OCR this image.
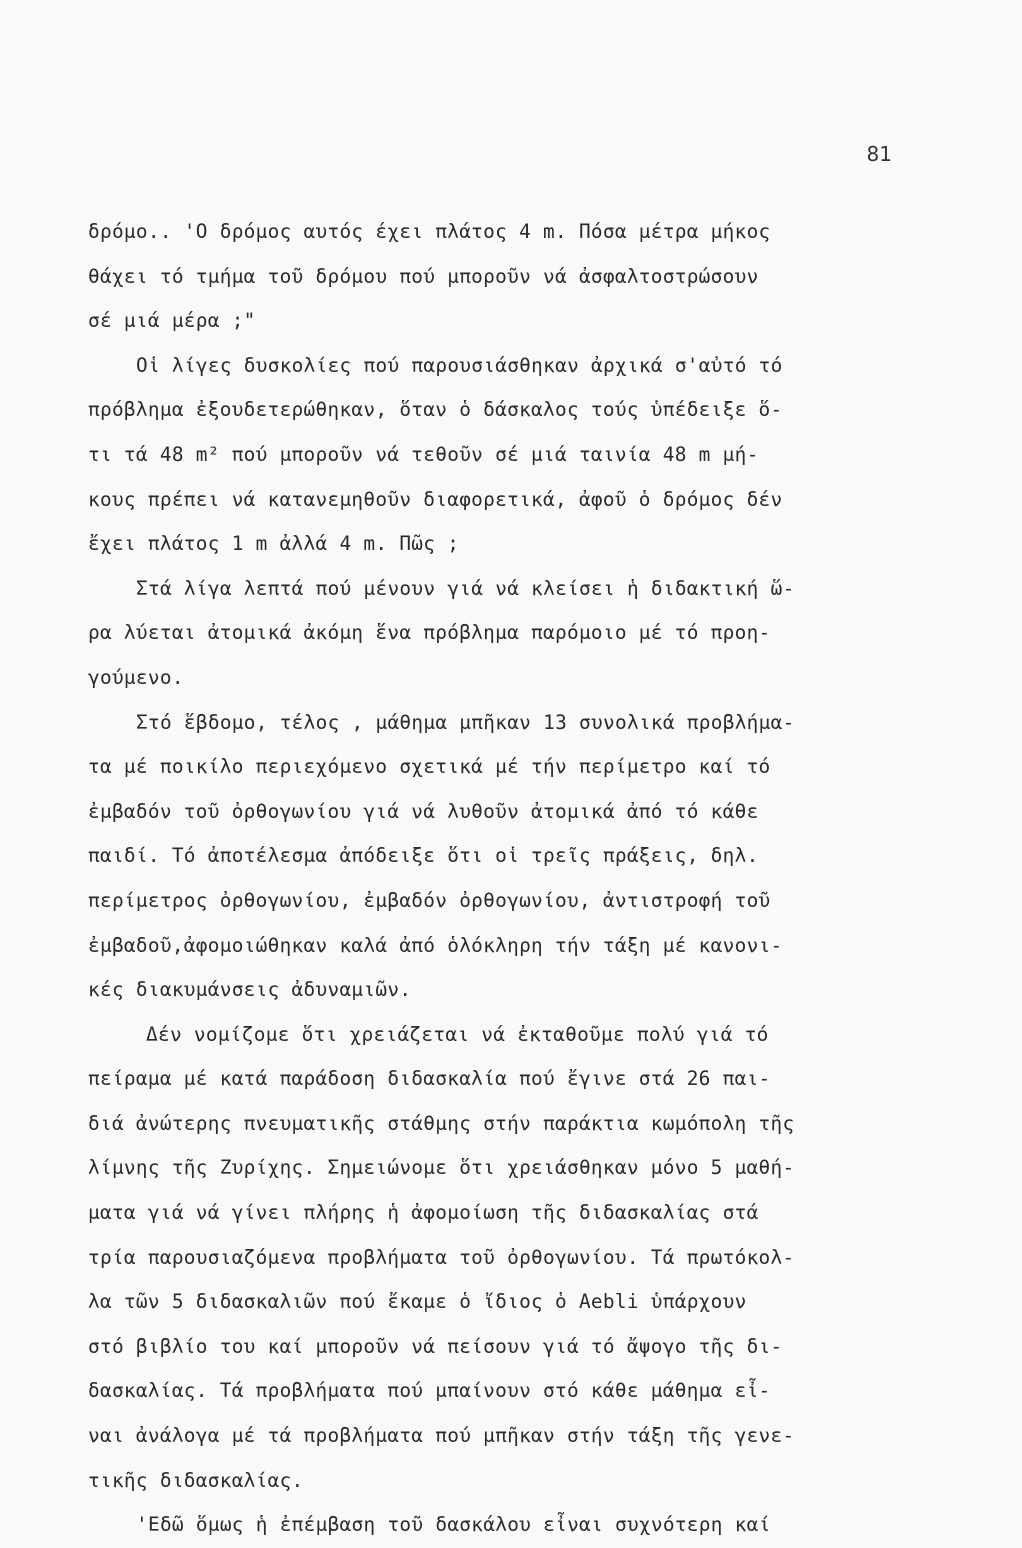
81
δρόμο.. 'Ο δρόμος αυτός έχει πλάτος 4 m. Πόσα μέτρα μήκος
θάχει τό τμήμα τοῦ δρόμου πού μποροῦν νά ἀσφαλτοστρώσουν
σέ μιά μέρα ;"
Οἱ λίγες δυσκολίες πού παρουσιάσθηκαν ἀρχικά σ'αὐτό τό
πρόβλημα ἐξουδετερώθηκαν, ὅταν ὁ δάσκαλος τούς ὑπέδειξε ὅ-
τι τά 48 m² πού μποροῦν νά τεθοῦν σέ μιά ταινία 48 m μή-
κους πρέπει νά κατανεμηθοῦν διαφορετικά, ἀφοῦ ὁ δρόμος δέν
ἔχει πλάτος 1 m ἀλλά 4 m. Πῶς ;
Στά λίγα λεπτά πού μένουν γιά νά κλείσει ἡ διδακτική ὥ-
ρα λύεται ἀτομικά ἀκόμη ἕνα πρόβλημα παρόμοιο μέ τό προη-
γούμενο.
Στό ἕβδομο, τέλος , μάθημα μπῆκαν 13 συνολικά προβλήμα-
τα μέ ποικίλο περιεχόμενο σχετικά μέ τήν περίμετρο καί τό
ἐμβαδόν τοῦ ὀρθογωνίου γιά νά λυθοῦν ἀτομικά ἀπό τό κάθε
παιδί. Τό ἀποτέλεσμα ἀπόδειξε ὅτι οἱ τρεῖς πράξεις, δηλ.
περίμετρος ὀρθογωνίου, ἐμβαδόν ὀρθογωνίου, ἀντιστροφή τοῦ
ἐμβαδοῦ,ἀφομοιώθηκαν καλά ἀπό ὁλόκληρη τήν τάξη μέ κανονι-
κές διακυμάνσεις ἀδυναμιῶν.
Δέν νομίζομε ὅτι χρειάζεται νά ἐκταθοῦμε πολύ γιά τό
πείραμα μέ κατά παράδοση διδασκαλία πού ἔγινε στά 26 παι-
διά ἀνώτερης πνευματικῆς στάθμης στήν παράκτια κωμόπολη τῆς
λίμνης τῆς Ζυρίχης. Σημειώνομε ὅτι χρειάσθηκαν μόνο 5 μαθή-
ματα γιά νά γίνει πλήρης ἡ ἀφομοίωση τῆς διδασκαλίας στά
τρία παρουσιαζόμενα προβλήματα τοῦ ὀρθογωνίου. Τά πρωτόκολ-
λα τῶν 5 διδασκαλιῶν πού ἔκαμε ὁ ἴδιος ὁ Aebli ὑπάρχουν
στό βιβλίο του καί μποροῦν νά πείσουν γιά τό ἄψογο τῆς δι-
δασκαλίας. Τά προβλήματα πού μπαίνουν στό κάθε μάθημα εἶ-
ναι ἀνάλογα μέ τά προβλήματα πού μπῆκαν στήν τάξη τῆς γενε-
τικῆς διδασκαλίας.
'Εδῶ ὅμως ἡ ἐπέμβαση τοῦ δασκάλου εἶναι συχνότερη καί
